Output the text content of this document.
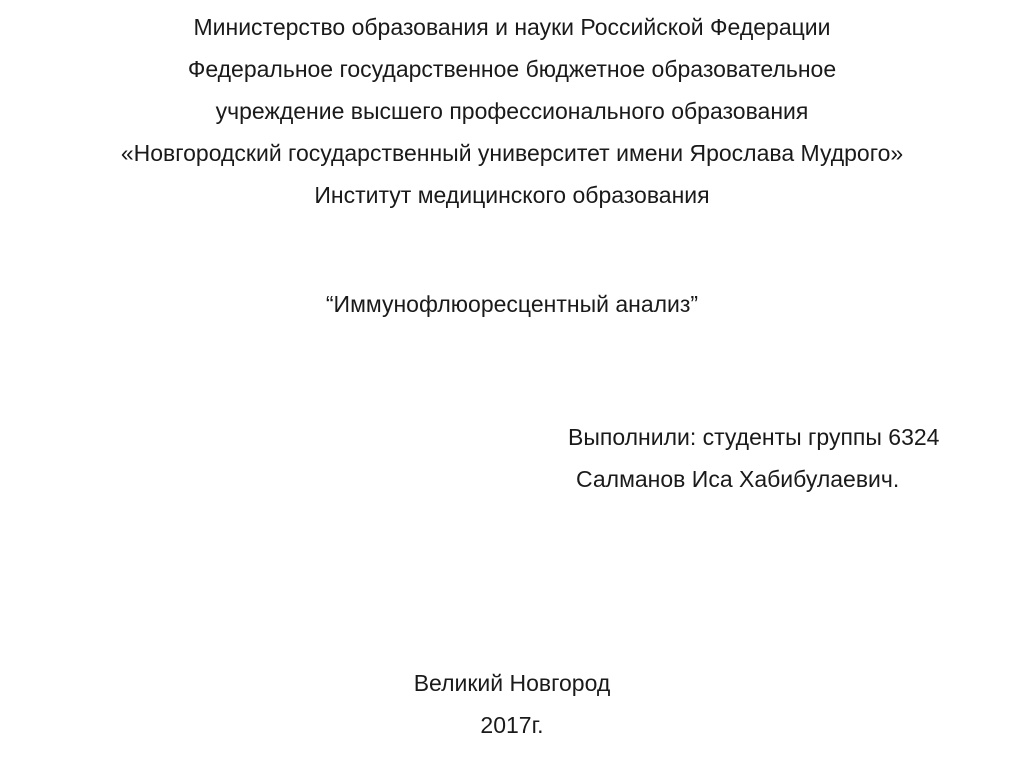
Министерство образования и науки Российской Федерации
Федеральное государственное бюджетное образовательное
учреждение высшего профессионального образования
«Новгородский государственный университет имени Ярослава Мудрого»
Институт медицинского образования
“Иммунофлюоресцентный анализ”
Выполнили: студенты группы 6324
Салманов Иса Хабибулаевич.
Великий Новгород
2017г.
